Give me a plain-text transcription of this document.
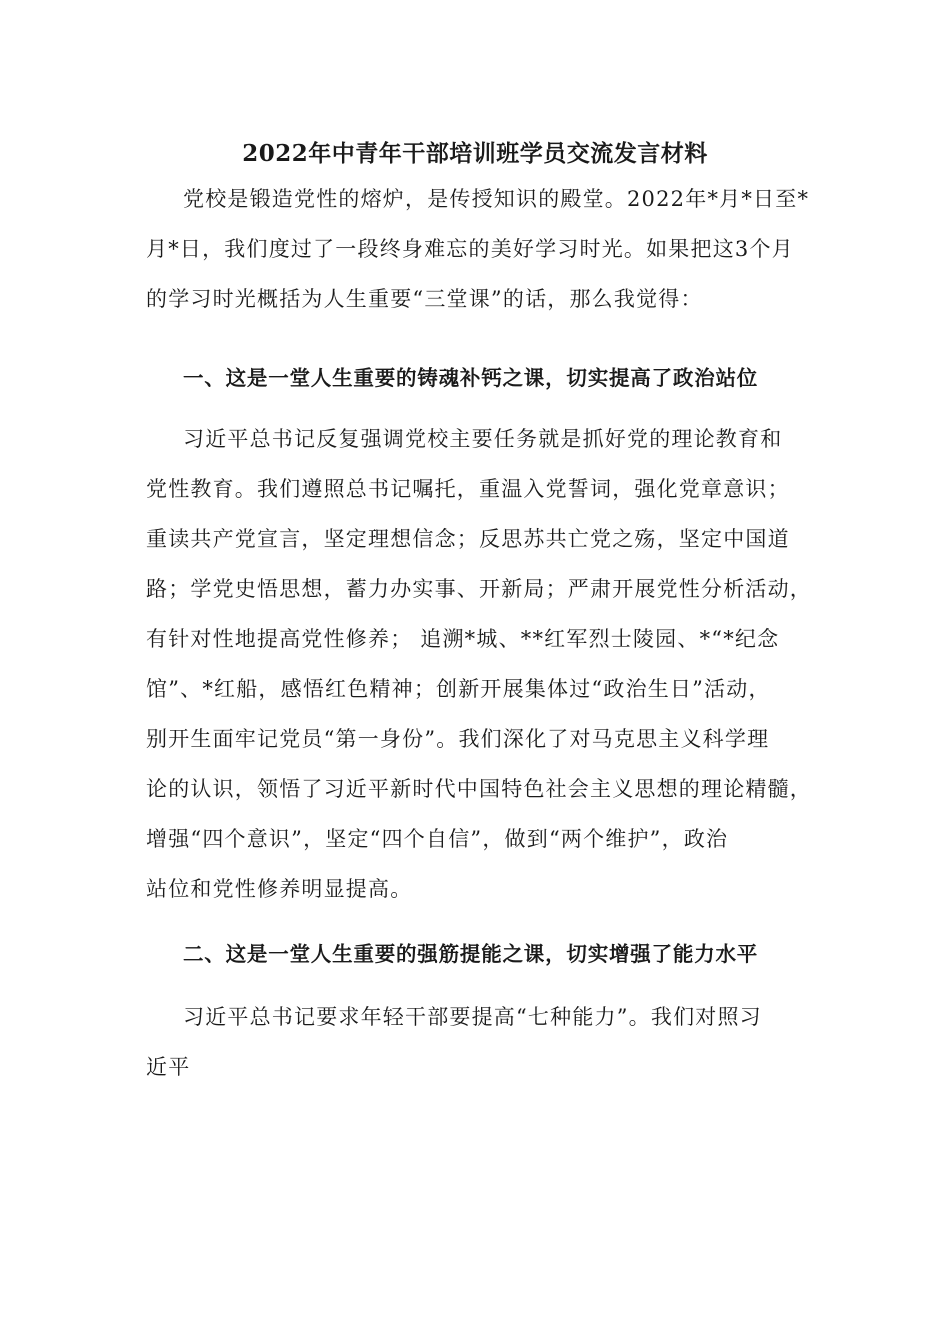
2022年中青年干部培训班学员交流发言材料

党校是锻造党性的熔炉，是传授知识的殿堂。2022年*月*日至*

月*日，我们度过了一段终身难忘的美好学习时光。如果把这3个月

的学习时光概括为人生重要“三堂课”的话，那么我觉得：

一、这是一堂人生重要的铸魂补钙之课，切实提高了政治站位

习近平总书记反复强调党校主要任务就是抓好党的理论教育和

党性教育。我们遵照总书记嘱托，重温入党誓词，强化党章意识；

重读共产党宣言，坚定理想信念；反思苏共亡党之殇，坚定中国道

路；学党史悟思想，蓄力办实事、开新局；严肃开展党性分析活动，

有针对性地提高党性修养； 追溯*城、**红军烈士陵园、*“*纪念

馆”、*红船，感悟红色精神；创新开展集体过“政治生日”活动，

别开生面牢记党员“第一身份”。我们深化了对马克思主义科学理

论的认识，领悟了习近平新时代中国特色社会主义思想的理论精髓，

增强“四个意识”，坚定“四个自信”，做到“两个维护”，政治

站位和党性修养明显提高。

二、这是一堂人生重要的强筋提能之课，切实增强了能力水平

习近平总书记要求年轻干部要提高“七种能力”。我们对照习

近平
